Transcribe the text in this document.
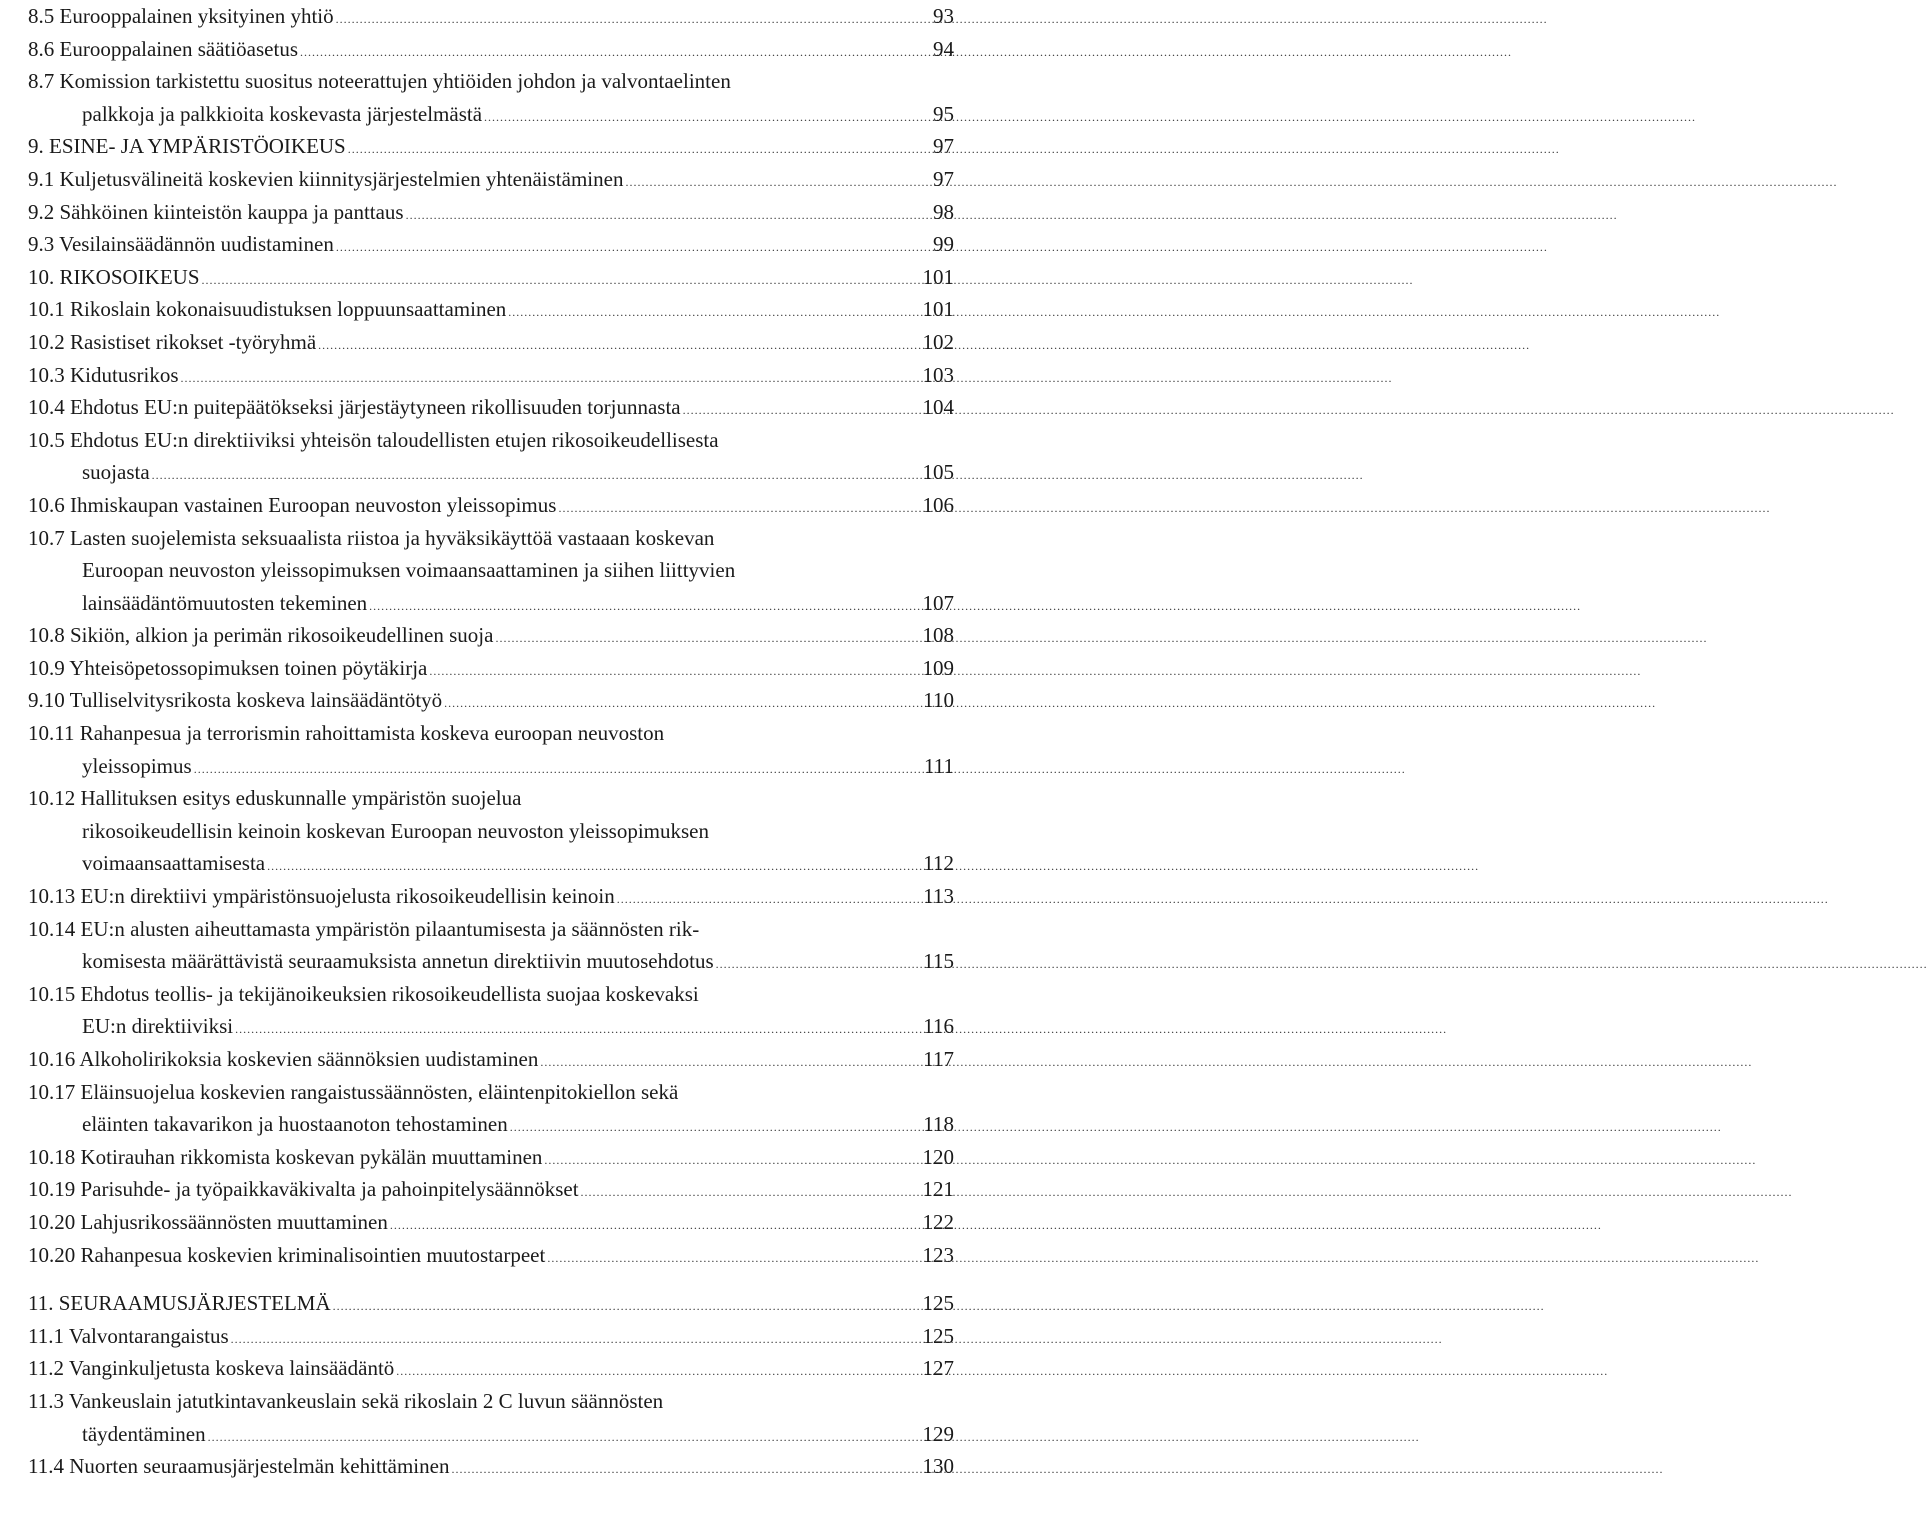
8.5 Eurooppalainen yksityinen yhtiö .....	93
8.6 Eurooppalainen säätiöasetus .....	94
8.7 Komission tarkistettu suositus noteerattujen yhtiöiden johdon ja valvontaelinten
palkkoja ja palkkioita koskevasta järjestelmästä .....	95
9. ESINE- JA YMPÄRISTÖOIKEUS .....	97
9.1 Kuljetusvälineitä koskevien kiinnitysjärjestelmien yhtenäistäminen .....	97
9.2 Sähköinen kiinteistön kauppa ja panttaus .....	98
9.3 Vesilainsäädännön uudistaminen .....	99
10. RIKOSOIKEUS .....	101
10.1 Rikoslain kokonaisuudistuksen loppuunsaattaminen .....	101
10.2 Rasistiset rikokset -työryhmä .....	102
10.3 Kidutusrikos .....	103
10.4 Ehdotus EU:n puitepäätökseksi järjestäytyneen rikollisuuden torjunnasta .....	104
10.5 Ehdotus EU:n direktiiviksi yhteisön taloudellisten etujen rikosoikeudellisesta
suojasta .....	105
10.6 Ihmiskaupan vastainen Euroopan neuvoston yleissopimus .....	106
10.7 Lasten suojelemista seksuaalista riistoa ja hyväksikäyttöä vastaaan koskevan
Euroopan neuvoston yleissopimuksen voimaansaattaminen ja siihen liittyvien
lainsäädäntömuutosten tekeminen .....	107
10.8 Sikiön, alkion ja perimän rikosoikeudellinen suoja .....	108
10.9 Yhteisöpetossopimuksen toinen pöytäkirja .....	109
9.10 Tulliselvitysrikosta koskeva lainsäädäntötyö .....	110
10.11 Rahanpesua ja terrorismin rahoittamista koskeva euroopan neuvoston
yleissopimus .....	111
10.12 Hallituksen esitys eduskunnalle ympäristön suojelua
rikosoikeudellisin keinoin koskevan Euroopan neuvoston yleissopimuksen
voimaansaattamisesta .....	112
10.13 EU:n direktiivi ympäristönsuojelusta rikosoikeudellisin keinoin .....	113
10.14 EU:n alusten aiheuttamasta ympäristön pilaantumisesta ja säännösten rik-
komisesta määrättävistä seuraamuksista annetun direktiivin muutosehdotus .....	115
10.15 Ehdotus teollis- ja tekijänoikeuksien rikosoikeudellista suojaa koskevaksi
EU:n direktiiviksi .....	116
10.16 Alkoholirikoksia koskevien säännöksien uudistaminen .....	117
10.17 Eläinsuojelua koskevien rangaistussäännösten, eläintenpitokiellon sekä
eläinten takavarikon ja huostaanoton tehostaminen .....	118
10.18 Kotirauhan rikkomista koskevan pykälän muuttaminen .....	120
10.19 Parisuhde- ja työpaikkaväkivalta ja pahoinpitelysäännökset .....	121
10.20 Lahjusrikossäännösten muuttaminen .....	122
10.20 Rahanpesua koskevien kriminalisointien muutostarpeet .....	123
11. SEURAAMUSJÄRJESTELMÄ .....	125
11.1 Valvontarangaistus .....	125
11.2 Vanginkuljetusta koskeva lainsäädäntö .....	127
11.3 Vankeuslain jatutkintavankeuslain sekä rikoslain 2 C luvun säännösten
täydentäminen .....	129
11.4 Nuorten seuraamusjärjestelmän kehittäminen .....	130
